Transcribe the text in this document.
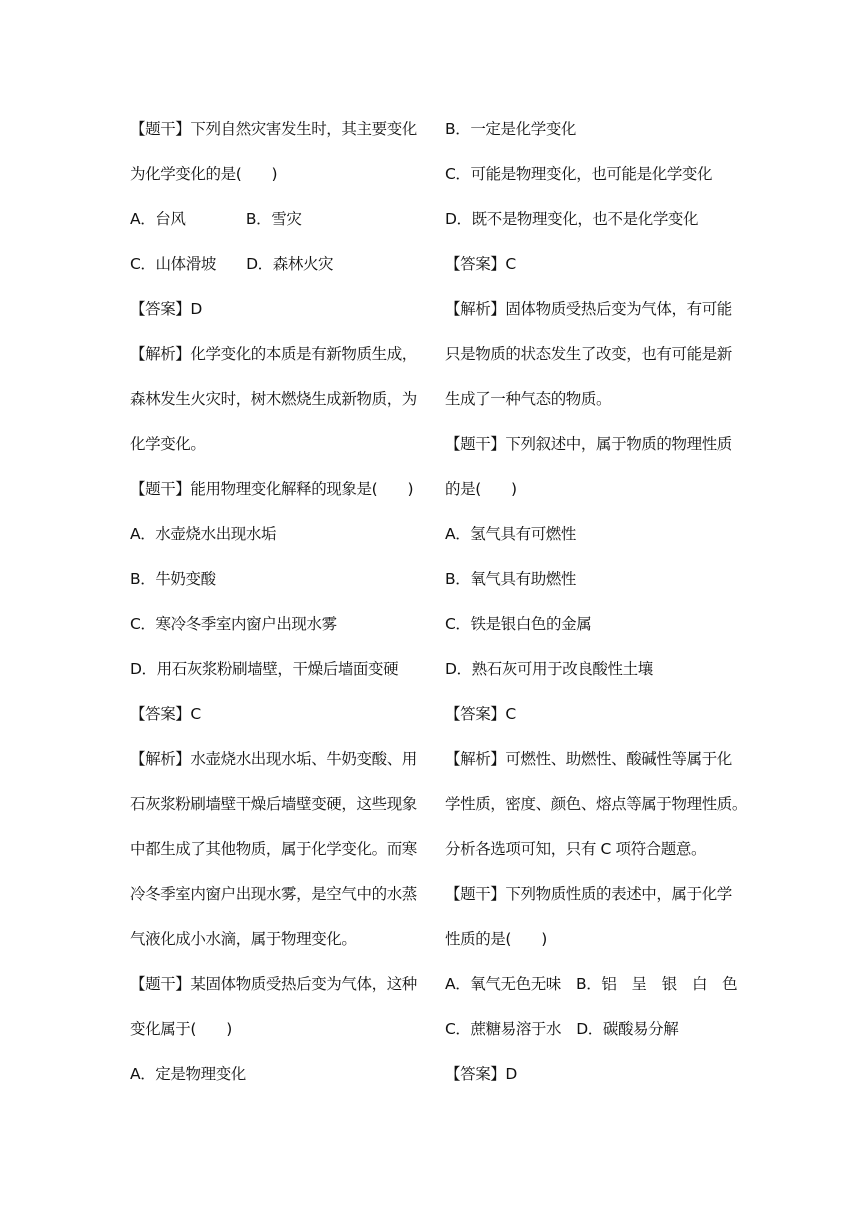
【题干】下列自然灾害发生时，其主要变化
为化学变化的是(　　)
A．台风　　　　B．雪灾
C．山体滑坡　　D．森林火灾
【答案】D
【解析】化学变化的本质是有新物质生成，
森林发生火灾时，树木燃烧生成新物质，为
化学变化。
【题干】能用物理变化解释的现象是(　　)
A．水壶烧水出现水垢
B．牛奶变酸
C．寒冷冬季室内窗户出现水雾
D．用石灰浆粉刷墙壁，干燥后墙面变硬
【答案】C
【解析】水壶烧水出现水垢、牛奶变酸、用
石灰浆粉刷墙壁干燥后墙壁变硬，这些现象
中都生成了其他物质，属于化学变化。而寒
冷冬季室内窗户出现水雾，是空气中的水蒸
气液化成小水滴，属于物理变化。
【题干】某固体物质受热后变为气体，这种
变化属于(　　)
A．定是物理变化
B．一定是化学变化
C．可能是物理变化，也可能是化学变化
D．既不是物理变化，也不是化学变化
【答案】C
【解析】固体物质受热后变为气体，有可能
只是物质的状态发生了改变，也有可能是新
生成了一种气态的物质。
【题干】下列叙述中，属于物质的物理性质
的是(　　)
A．氢气具有可燃性
B．氧气具有助燃性
C．铁是银白色的金属
D．熟石灰可用于改良酸性土壤
【答案】C
【解析】可燃性、助燃性、酸碱性等属于化
学性质，密度、颜色、熔点等属于物理性质。
分析各选项可知，只有 C 项符合题意。
【题干】下列物质性质的表述中，属于化学
性质的是(　　)
A．氧气无色无味　B．铝　呈　银　白　色
C．蔗糖易溶于水　D．碳酸易分解
【答案】D
